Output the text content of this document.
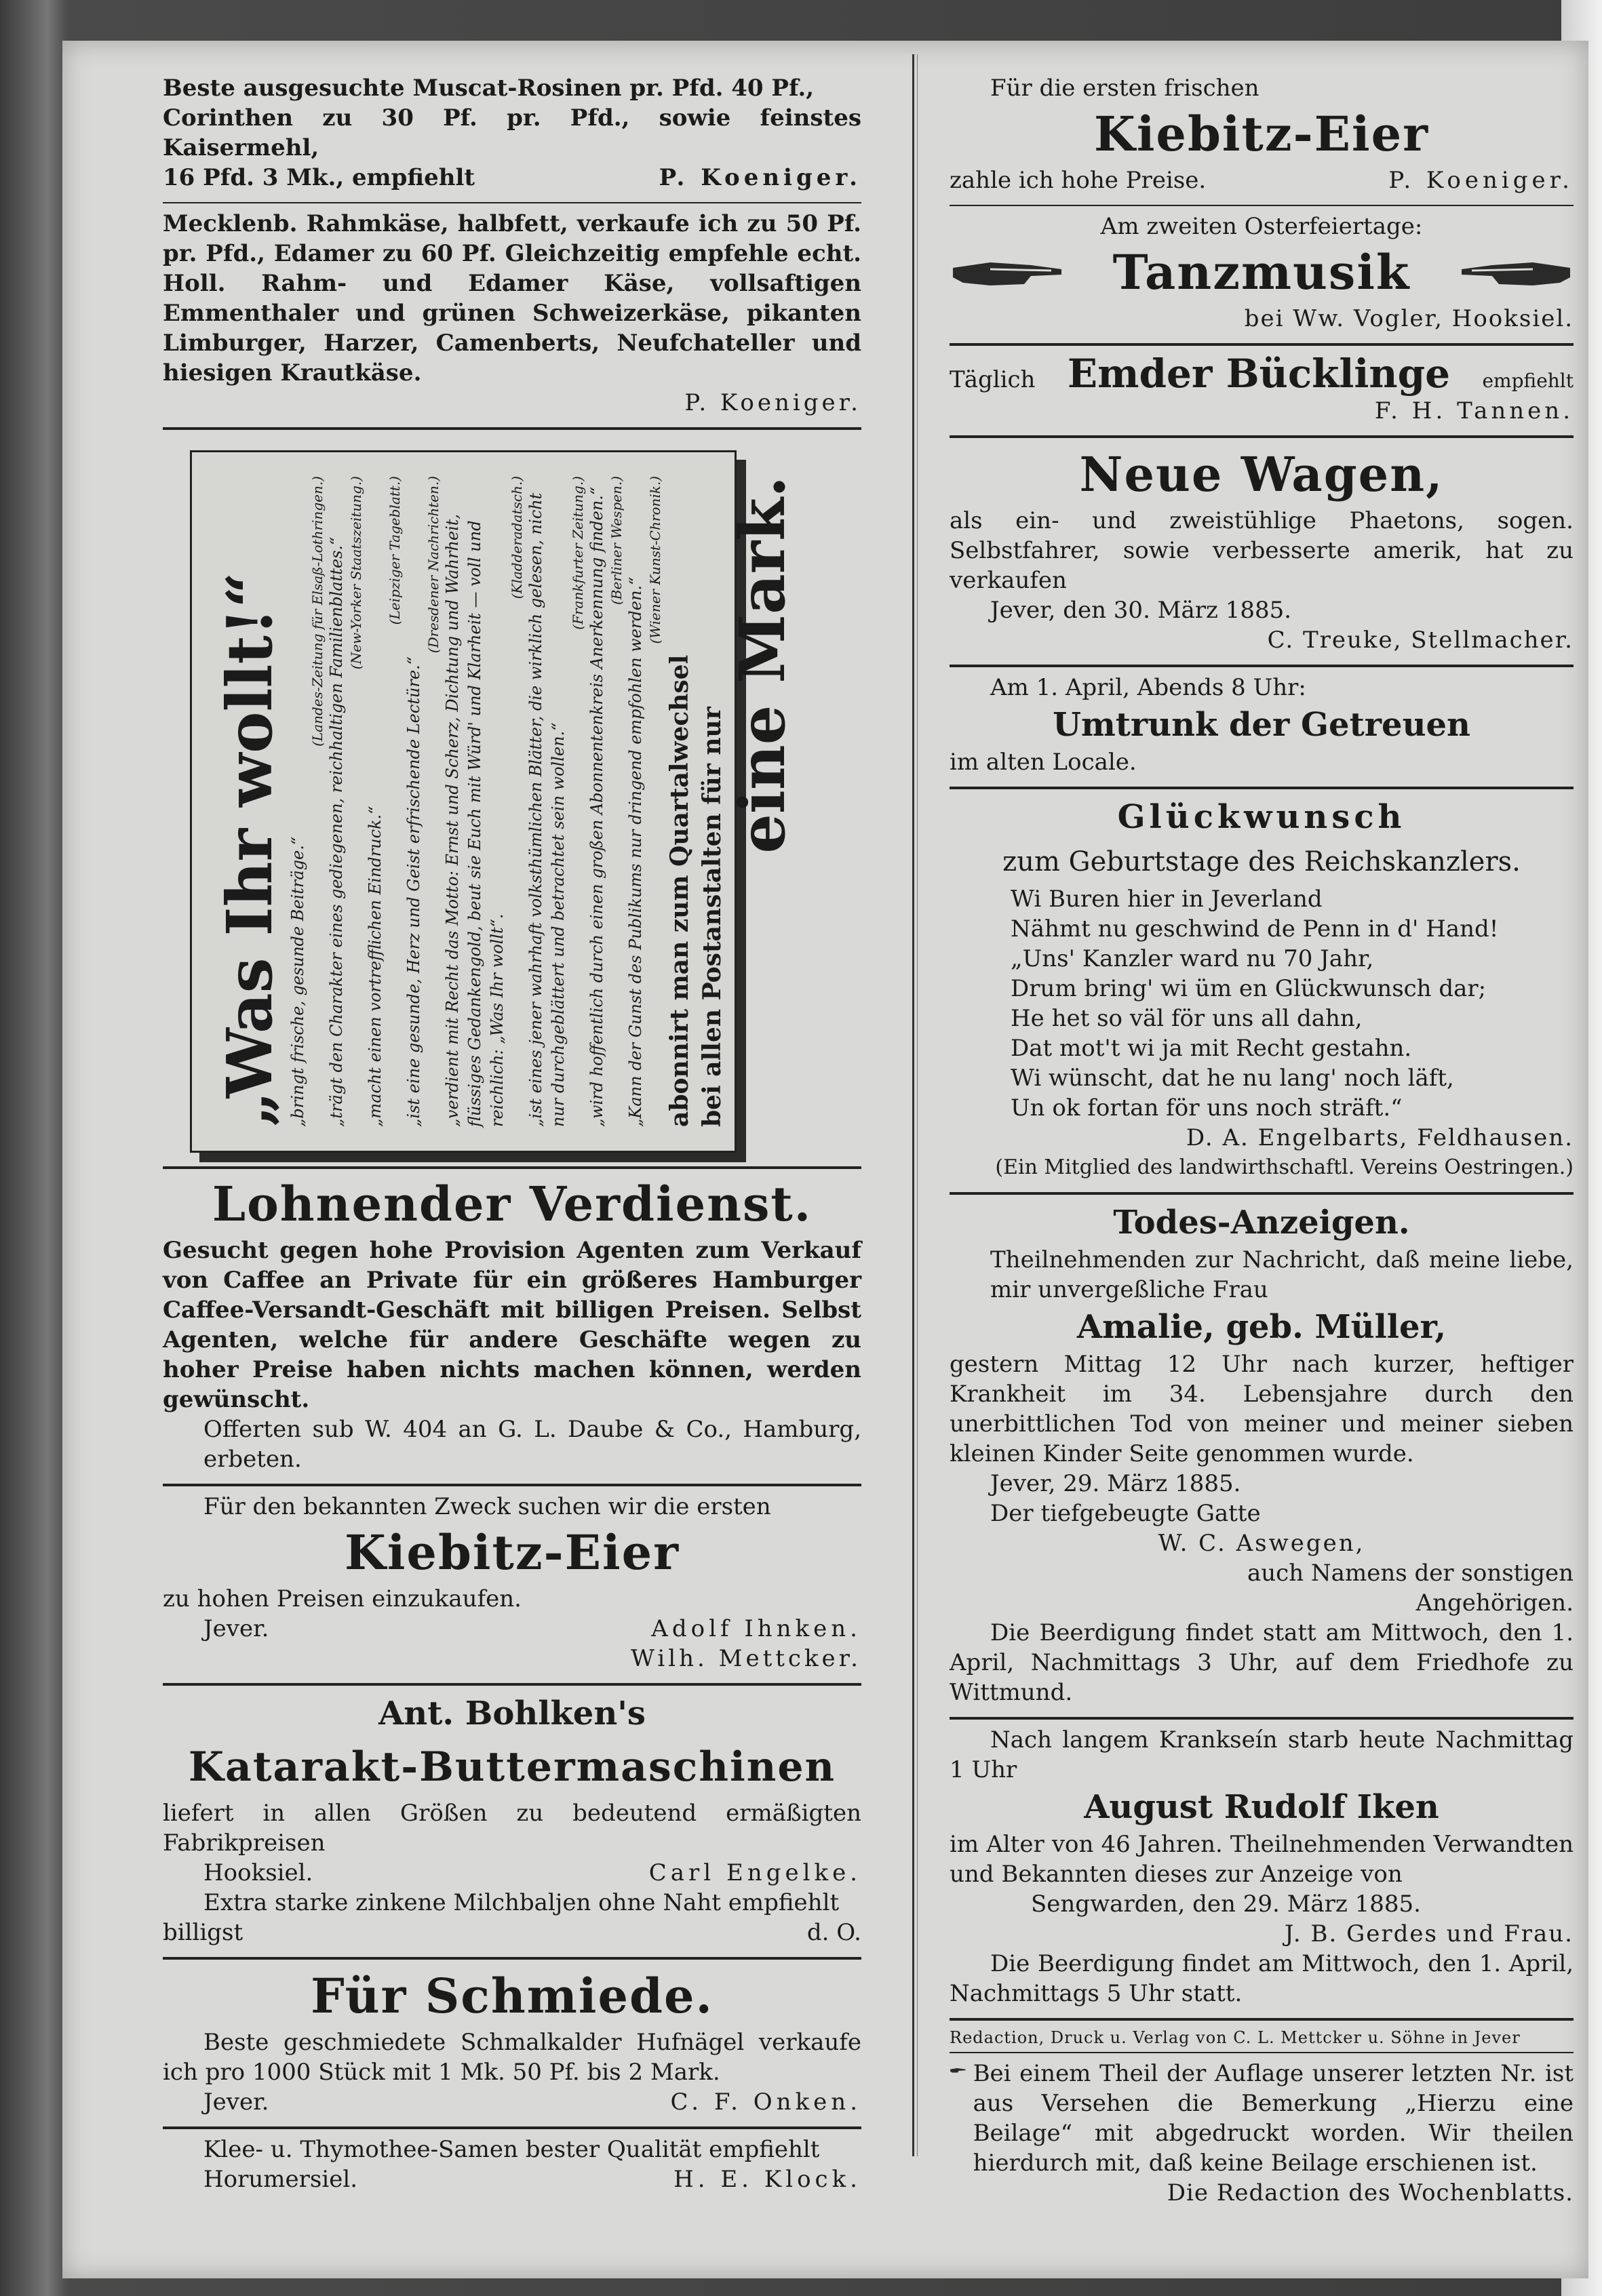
Beste ausgesuchte Muscat-Rosinen pr. Pfd. 40 Pf.,

Corinthen zu 30 Pf. pr. Pfd., sowie feinstes Kaisermehl,

16 Pfd. 3 Mk., empfiehlt	P. Koeniger.

Mecklenb. Rahmkäse, halbfett, verkaufe ich zu 50 Pf. pr. Pfd., Edamer zu 60 Pf. Gleichzeitig empfehle echt. Holl. Rahm- und Edamer Käse, vollsaftigen Emmenthaler und grünen Schweizerkäse, pikanten Limburger, Harzer, Camenberts, Neufchateller und hiesigen Krautkäse.

P. Koeniger.

„Was Ihr wollt!“ „bringt frische, gesunde Beiträge.“

(Landes-Zeitung für Elsaß-Lothringen.) „trägt den Charakter eines gediegenen, reichhaltigen Familienblattes.“ (New-Yorker Staatszeitung.)

„macht einen vortrefflichen Eindruck.“

(Leipziger Tageblatt.)

„ist eine gesunde, Herz und Geist erfrischende Lectüre.“

(Dresdener Nachrichten.) „verdient mit Recht das Motto: Ernst und Scherz, Dichtung und Wahrheit, flüssiges Gedankengold, beut sie Euch mit Würd' und Klarheit — voll und reichlich: „Was Ihr wollt“.

(Kladderadatsch.) „ist eines jener wahrhaft volksthümlichen Blätter, die wirklich gelesen, nicht nur durchgeblättert und betrachtet sein wollen.“

(Frankfurter Zeitung.) „wird hoffentlich durch einen großen Abonnentenkreis Anerkennung finden.“ (Berliner Wespen.)

„Kann der Gunst des Publikums nur dringend empfohlen werden.“

(Wiener Kunst-Chronik.)

abonnirt man zum Quartalwechsel bei allen Postanstalten für nur

eine Mark.

Lohnender Verdienst.

Gesucht gegen hohe Provision Agenten zum Verkauf von Caffee an Private für ein größeres Hamburger Caffee-Versandt-Geschäft mit billigen Preisen. Selbst Agenten, welche für andere Geschäfte wegen zu hoher Preise haben nichts machen können, werden gewünscht.

Offerten sub W. 404 an G. L. Daube & Co., Hamburg, erbeten.

Für den bekannten Zweck suchen wir die ersten

Kiebitz-Eier

zu hohen Preisen einzukaufen.

Jever.	Adolf Ihnken.

Wilh. Mettcker.

Ant. Bohlken's

Katarakt-Buttermaschinen

liefert in allen Größen zu bedeutend ermäßigten Fabrikpreisen

Hooksiel.	Carl Engelke.

Extra starke zinkene Milchbaljen ohne Naht empfiehlt

billigst	d. O.

Für Schmiede.

Beste geschmiedete Schmalkalder Hufnägel verkaufe ich pro 1000 Stück mit 1 Mk. 50 Pf. bis 2 Mark.

Jever.	C. F. Onken.

Klee- u. Thymothee-Samen bester Qualität empfiehlt

Horumersiel.	H. E. Klock.

Für die ersten frischen

Kiebitz-Eier

zahle ich hohe Preise.	P. Koeniger.

Am zweiten Osterfeiertage:

Tanzmusik

bei Ww. Vogler, Hooksiel.

Täglich Emder Bücklinge empfiehlt

F. H. Tannen.

Neue Wagen,

als ein- und zweistühlige Phaetons, sogen. Selbstfahrer, sowie verbesserte amerik, hat zu verkaufen

Jever, den 30. März 1885.

C. Treuke, Stellmacher.

Am 1. April, Abends 8 Uhr:

Umtrunk der Getreuen

im alten Locale.

Glückwunsch

zum Geburtstage des Reichskanzlers.

Wi Buren hier in Jeverland

Nähmt nu geschwind de Penn in d' Hand!

„Uns' Kanzler ward nu 70 Jahr,

Drum bring' wi üm en Glückwunsch dar;

He het so väl för uns all dahn,

Dat mot't wi ja mit Recht gestahn.

Wi wünscht, dat he nu lang' noch läft,

Un ok fortan för uns noch sträft.“

D. A. Engelbarts, Feldhausen.

(Ein Mitglied des landwirthschaftl. Vereins Oestringen.)

Todes-Anzeigen.

Theilnehmenden zur Nachricht, daß meine liebe, mir unvergeßliche Frau

Amalie, geb. Müller,

gestern Mittag 12 Uhr nach kurzer, heftiger Krankheit im 34. Lebensjahre durch den unerbittlichen Tod von meiner und meiner sieben kleinen Kinder Seite genommen wurde.

Jever, 29. März 1885.

Der tiefgebeugte Gatte

W. C. Aswegen,

auch Namens der sonstigen

Angehörigen.

Die Beerdigung findet statt am Mittwoch, den 1. April, Nachmittags 3 Uhr, auf dem Friedhofe zu Wittmund.

Nach langem Krankseín starb heute Nachmittag 1 Uhr

August Rudolf Iken

im Alter von 46 Jahren. Theilnehmenden Verwandten und Bekannten dieses zur Anzeige von

Sengwarden, den 29. März 1885.

J. B. Gerdes und Frau.

Die Beerdigung findet am Mittwoch, den 1. April, Nachmittags 5 Uhr statt.

Redaction, Druck u. Verlag von C. L. Mettcker u. Söhne in Jever

Bei einem Theil der Auflage unserer letzten Nr. ist aus Versehen die Bemerkung „Hierzu eine Beilage“ mit abgedruckt worden. Wir theilen hierdurch mit, daß keine Beilage erschienen ist.

Die Redaction des Wochenblatts.
